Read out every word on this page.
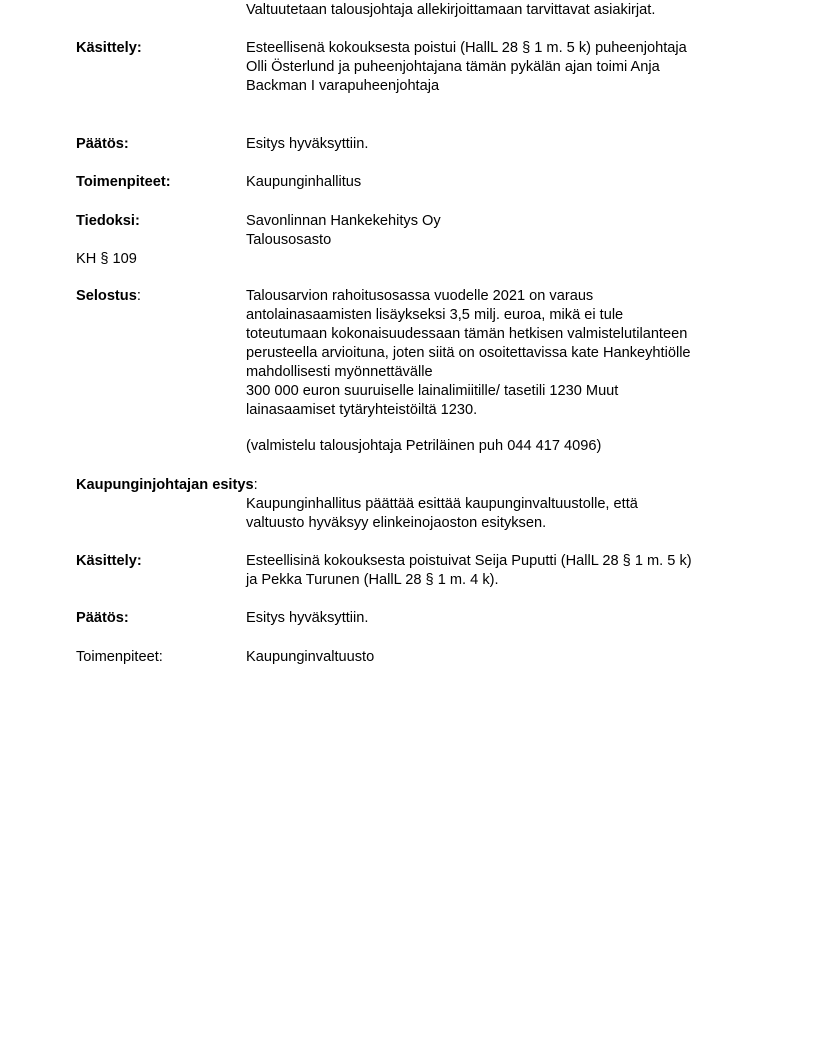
Valtuutetaan talousjohtaja allekirjoittamaan tarvittavat asiakirjat.
Käsittely:	Esteellisenä kokouksesta poistui (HallL 28 § 1 m. 5 k) puheenjohtaja
Olli Österlund ja puheenjohtajana tämän pykälän ajan toimi Anja
Backman I varapuheenjohtaja
Päätös:	Esitys hyväksyttiin.
Toimenpiteet:	Kaupunginhallitus
Tiedoksi:	Savonlinnan Hankekehitys Oy
Talousosasto
KH § 109
Selostus:	Talousarvion rahoitusosassa vuodelle 2021 on varaus
antolainasaamisten lisäykseksi 3,5 milj. euroa, mikä ei tule
toteutumaan kokonaisuudessaan tämän hetkisen valmistelutilanteen
perusteella arvioituna, joten siitä on osoitettavissa kate Hankeyhtiölle
mahdollisesti myönnettävälle
300 000 euron suuruiselle lainalimiitille/ tasetili 1230 Muut
lainasaamiset tytäryhteistöiltä 1230.
(valmistelu talousjohtaja Petriläinen puh 044 417 4096)
Kaupunginjohtajan esitys:
Kaupunginhallitus päättää esittää kaupunginvaltuustolle, että
valtuusto hyväksyy elinkeinojaoston esityksen.
Käsittely:	Esteellisinä kokouksesta poistuivat Seija Puputti (HallL 28 § 1 m. 5 k)
ja Pekka Turunen (HallL 28 § 1 m. 4 k).
Päätös:	Esitys hyväksyttiin.
Toimenpiteet:	Kaupunginvaltuusto
